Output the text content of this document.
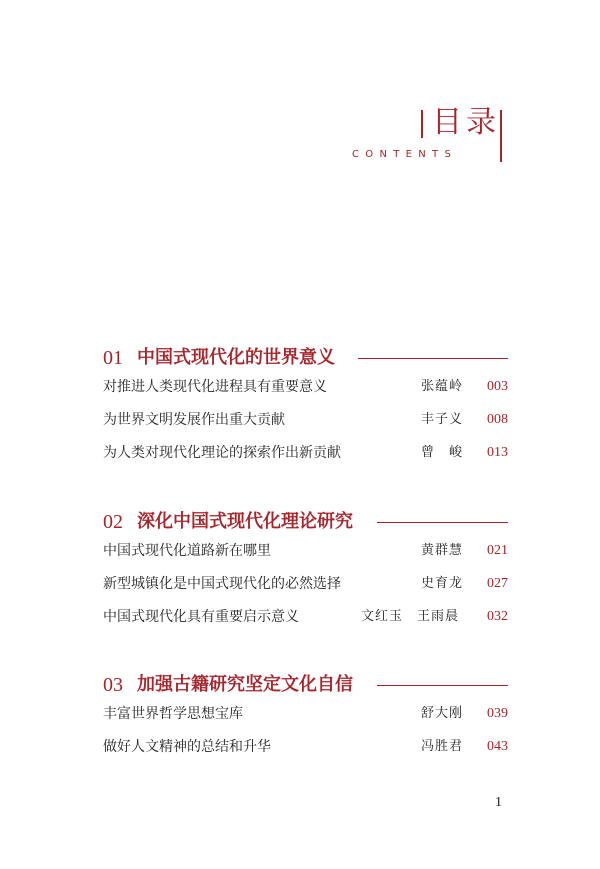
目录
CONTENTS
01 中国式现代化的世界意义
对推进人类现代化进程具有重要意义	张蕴岭 003
为世界文明发展作出重大贡献	丰子义 008
为人类对现代化理论的探索作出新贡献	曾　峻 013
02 深化中国式现代化理论研究
中国式现代化道路新在哪里	黄群慧 021
新型城镇化是中国式现代化的必然选择	史育龙 027
中国式现代化具有重要启示意义	文红玉　王雨晨 032
03 加强古籍研究坚定文化自信
丰富世界哲学思想宝库	舒大刚 039
做好人文精神的总结和升华	冯胜君 043
1
